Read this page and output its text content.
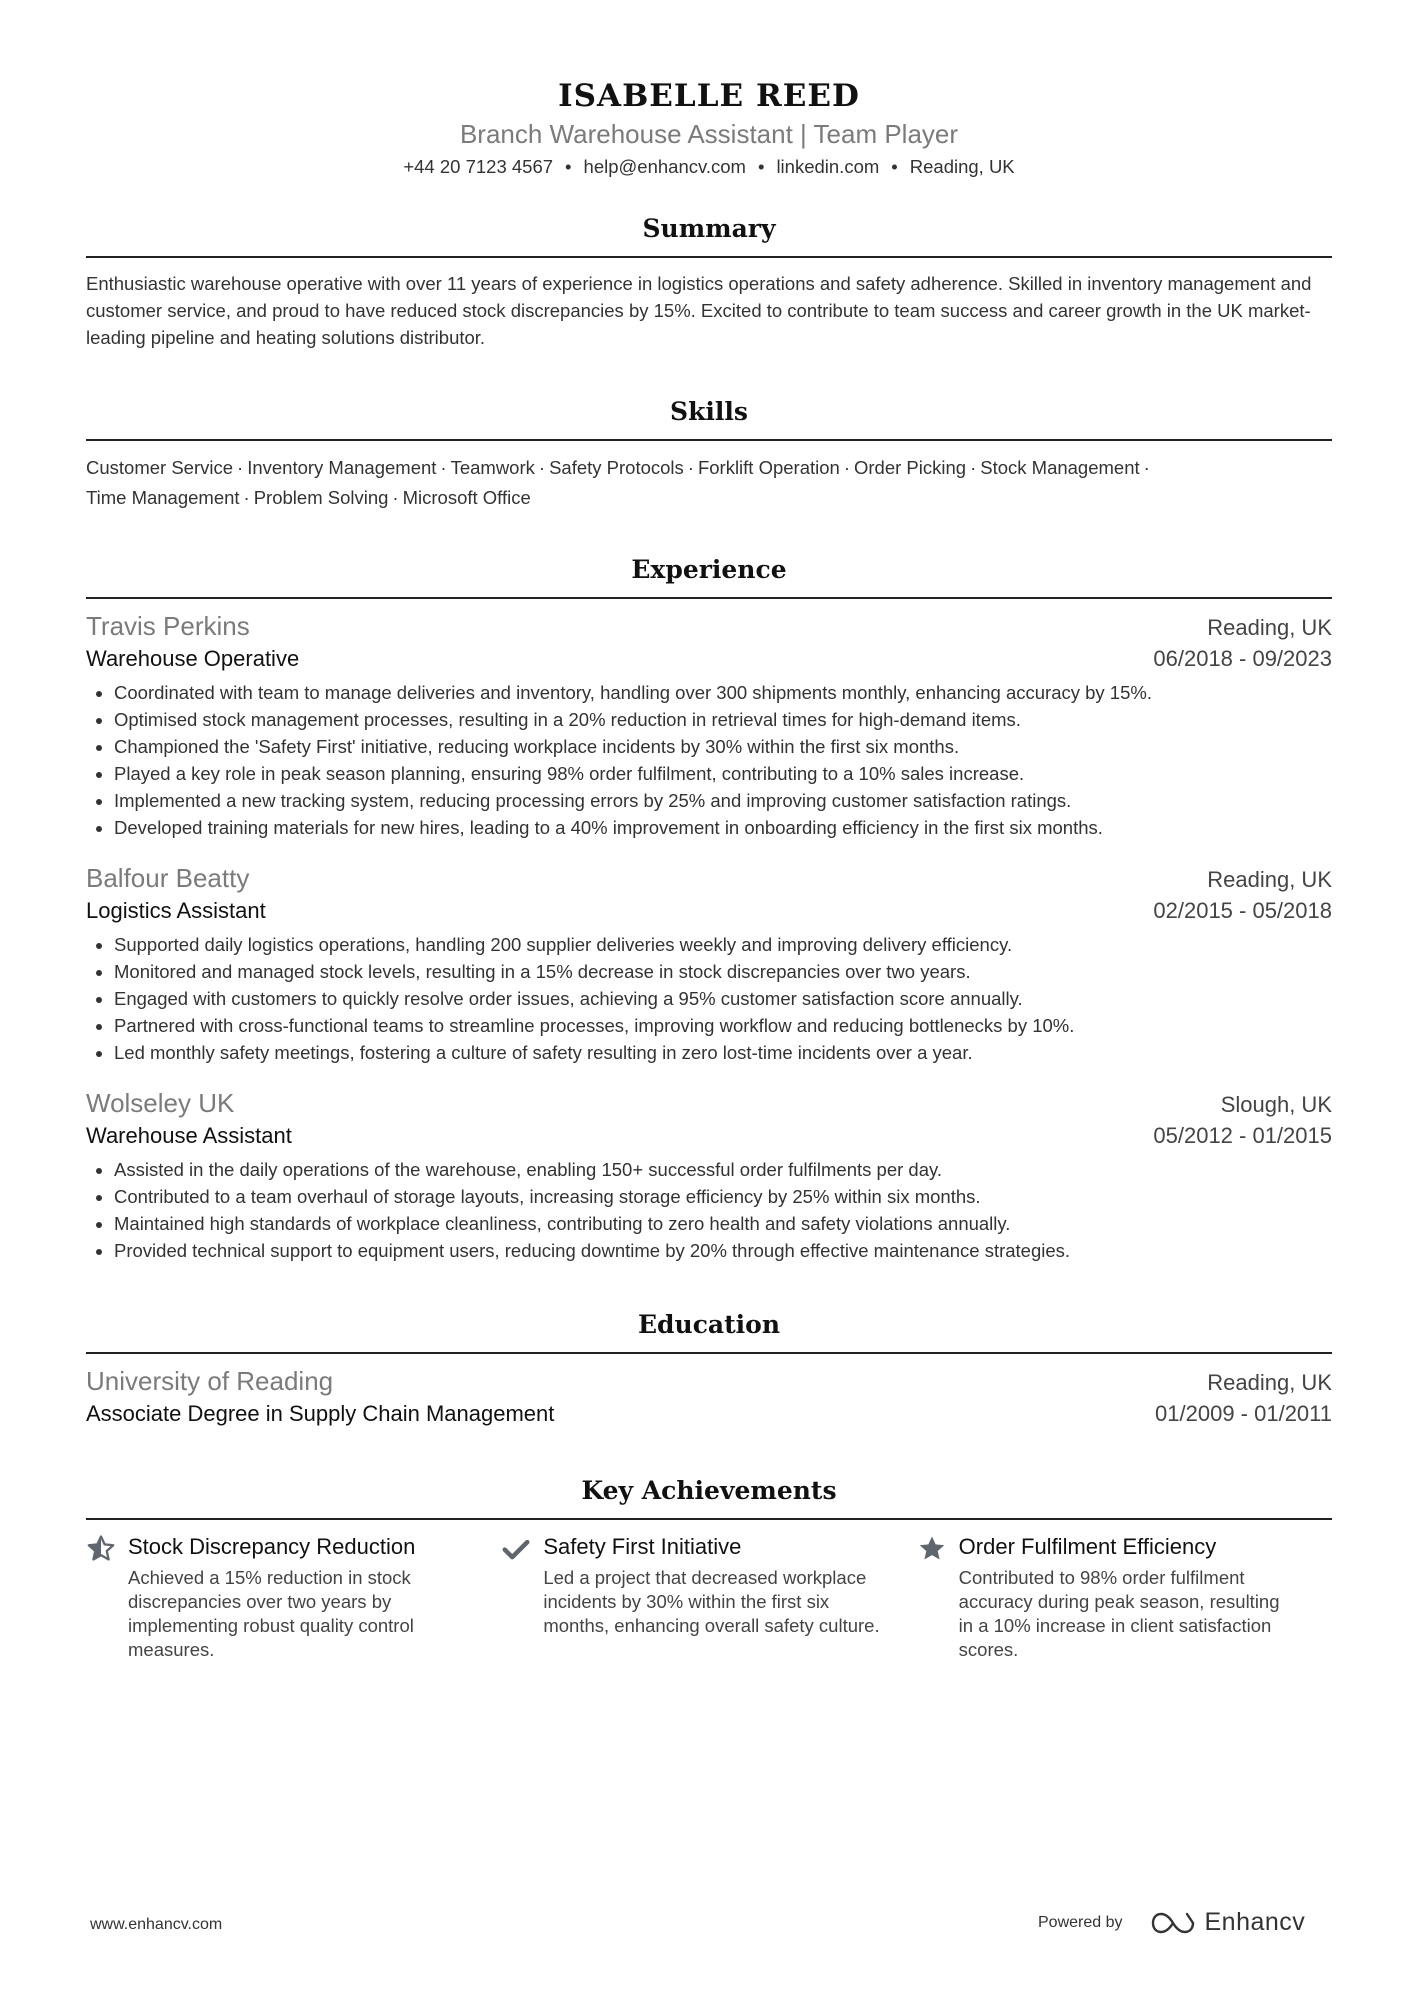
ISABELLE REED
Branch Warehouse Assistant | Team Player
+44 20 7123 4567 • help@enhancv.com • linkedin.com • Reading, UK
Summary
Enthusiastic warehouse operative with over 11 years of experience in logistics operations and safety adherence. Skilled in inventory management and customer service, and proud to have reduced stock discrepancies by 15%. Excited to contribute to team success and career growth in the UK market-leading pipeline and heating solutions distributor.
Skills
Customer Service · Inventory Management · Teamwork · Safety Protocols · Forklift Operation · Order Picking · Stock Management ·
Time Management · Problem Solving · Microsoft Office
Experience
Travis Perkins	Reading, UK
Warehouse Operative	06/2018 - 09/2023
• Coordinated with team to manage deliveries and inventory, handling over 300 shipments monthly, enhancing accuracy by 15%.
• Optimised stock management processes, resulting in a 20% reduction in retrieval times for high-demand items.
• Championed the 'Safety First' initiative, reducing workplace incidents by 30% within the first six months.
• Played a key role in peak season planning, ensuring 98% order fulfilment, contributing to a 10% sales increase.
• Implemented a new tracking system, reducing processing errors by 25% and improving customer satisfaction ratings.
• Developed training materials for new hires, leading to a 40% improvement in onboarding efficiency in the first six months.
Balfour Beatty	Reading, UK
Logistics Assistant	02/2015 - 05/2018
• Supported daily logistics operations, handling 200 supplier deliveries weekly and improving delivery efficiency.
• Monitored and managed stock levels, resulting in a 15% decrease in stock discrepancies over two years.
• Engaged with customers to quickly resolve order issues, achieving a 95% customer satisfaction score annually.
• Partnered with cross-functional teams to streamline processes, improving workflow and reducing bottlenecks by 10%.
• Led monthly safety meetings, fostering a culture of safety resulting in zero lost-time incidents over a year.
Wolseley UK	Slough, UK
Warehouse Assistant	05/2012 - 01/2015
• Assisted in the daily operations of the warehouse, enabling 150+ successful order fulfilments per day.
• Contributed to a team overhaul of storage layouts, increasing storage efficiency by 25% within six months.
• Maintained high standards of workplace cleanliness, contributing to zero health and safety violations annually.
• Provided technical support to equipment users, reducing downtime by 20% through effective maintenance strategies.
Education
University of Reading	Reading, UK
Associate Degree in Supply Chain Management	01/2009 - 01/2011
Key Achievements
Stock Discrepancy Reduction
Achieved a 15% reduction in stock discrepancies over two years by implementing robust quality control measures.
Safety First Initiative
Led a project that decreased workplace incidents by 30% within the first six months, enhancing overall safety culture.
Order Fulfilment Efficiency
Contributed to 98% order fulfilment accuracy during peak season, resulting in a 10% increase in client satisfaction scores.
www.enhancv.com	Powered by	Enhancv
